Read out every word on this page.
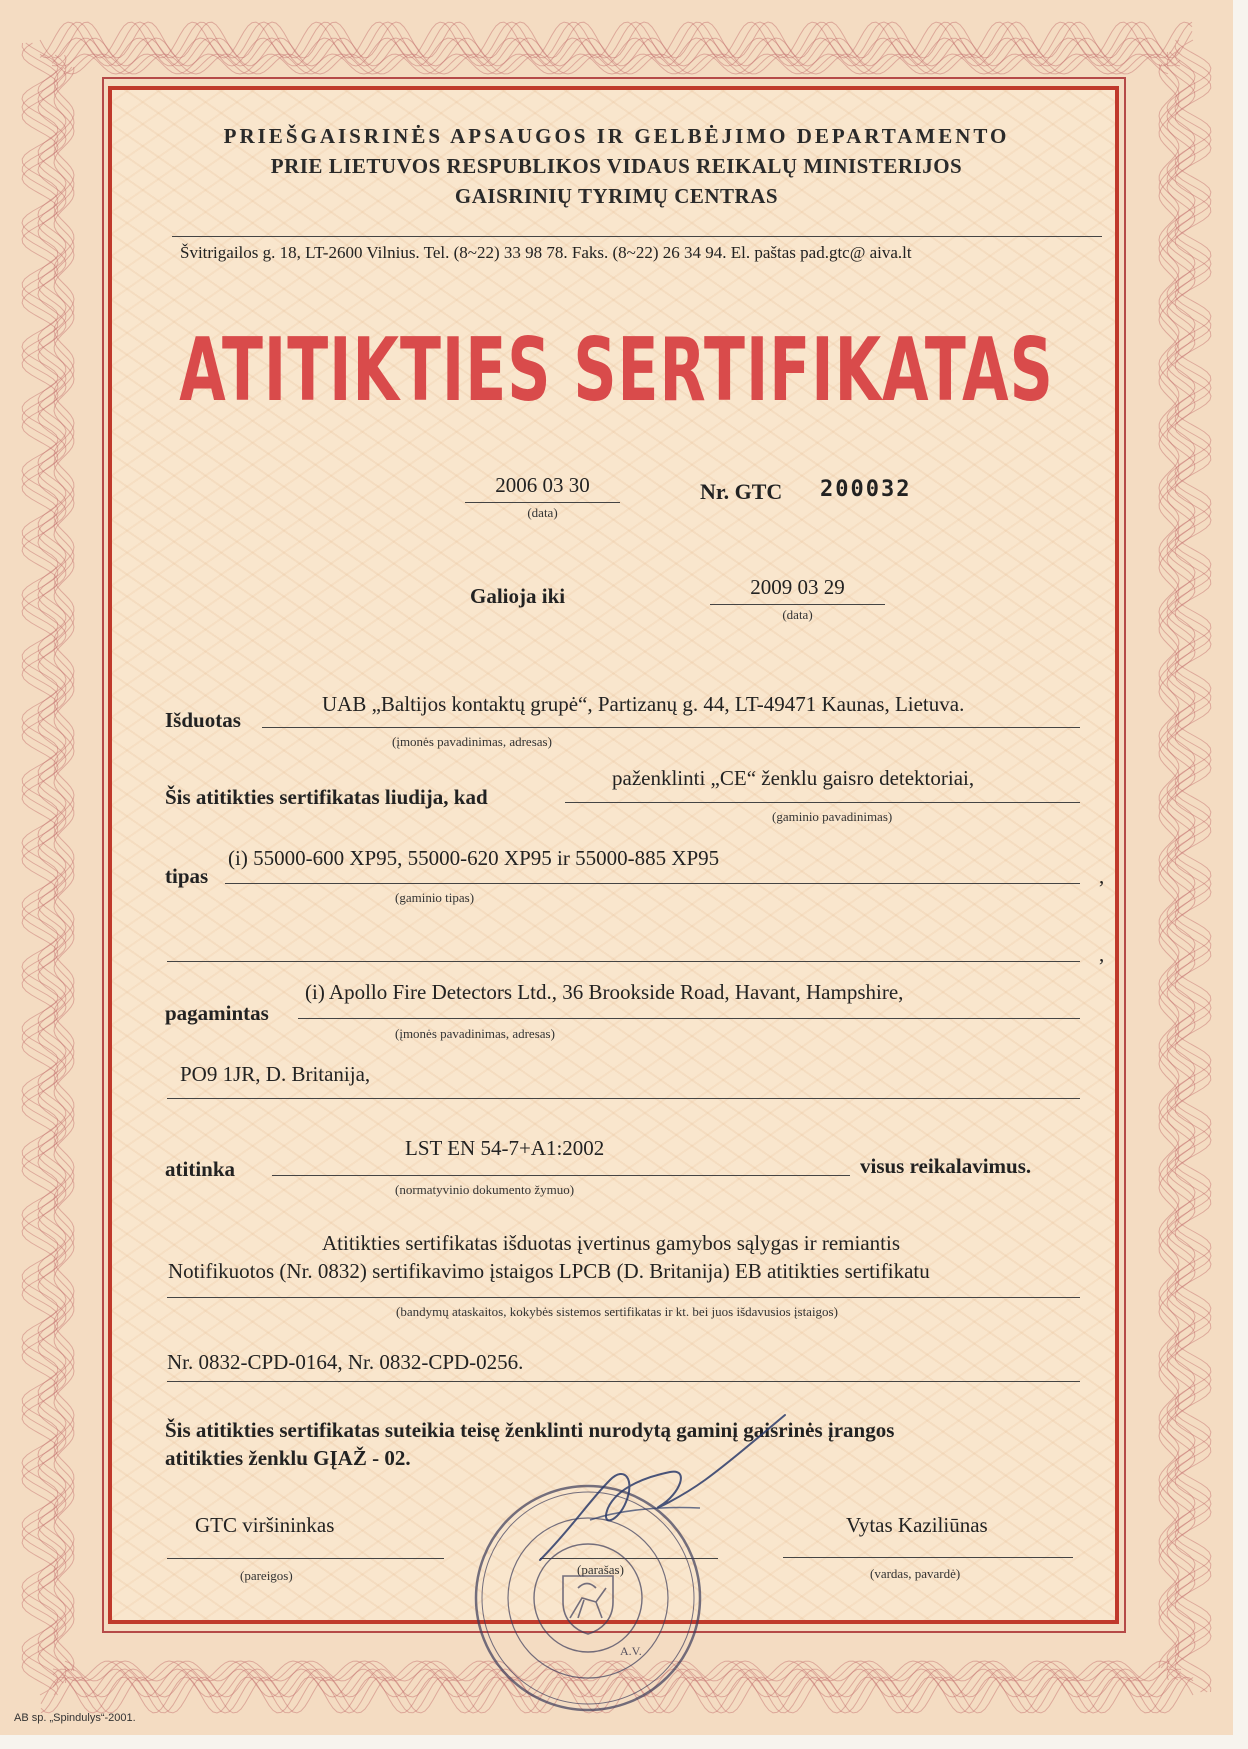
PRIEŠGAISRINĖS APSAUGOS IR GELBĖJIMO DEPARTAMENTO
PRIE LIETUVOS RESPUBLIKOS VIDAUS REIKALŲ MINISTERIJOS
GAISRINIŲ TYRIMŲ CENTRAS
Švitrigailos g. 18, LT-2600 Vilnius. Tel. (8~22) 33 98 78. Faks. (8~22) 26 34 94. El. paštas pad.gtc@ aiva.lt
ATITIKTIES SERTIFIKATAS
2006 03 30
(data)
Nr. GTC 200032
Galioja iki	2009 03 29
(data)
Išduotas
UAB „Baltijos kontaktų grupė“, Partizanų g. 44, LT-49471 Kaunas, Lietuva.
(įmonės pavadinimas, adresas)
Šis atitikties sertifikatas liudija, kad
paženklinti „CE“ ženklu gaisro detektoriai,
(gaminio pavadinimas)
tipas
(i) 55000-600 XP95, 55000-620 XP95 ir 55000-885 XP95
,
(gaminio tipas)
,
pagamintas
(i) Apollo Fire Detectors Ltd., 36 Brookside Road, Havant, Hampshire,
(įmonės pavadinimas, adresas)
PO9 1JR, D. Britanija,
atitinka
LST EN 54-7+A1:2002
(normatyvinio dokumento žymuo)
visus reikalavimus.
Atitikties sertifikatas išduotas įvertinus gamybos sąlygas ir remiantis
Notifikuotos (Nr. 0832) sertifikavimo įstaigos LPCB (D. Britanija) EB atitikties sertifikatu
(bandymų ataskaitos, kokybės sistemos sertifikatas ir kt. bei juos išdavusios įstaigos)
Nr. 0832-CPD-0164, Nr. 0832-CPD-0256.
Šis atitikties sertifikatas suteikia teisę ženklinti nurodytą gaminį gaisrinės įrangos
atitikties ženklu GĮAŽ - 02.
GTC viršininkas
(pareigos)	(parašas)
Vytas Kaziliūnas
(vardas, pavardė)
A.V.
AB sp. „Spindulys“-2001.
